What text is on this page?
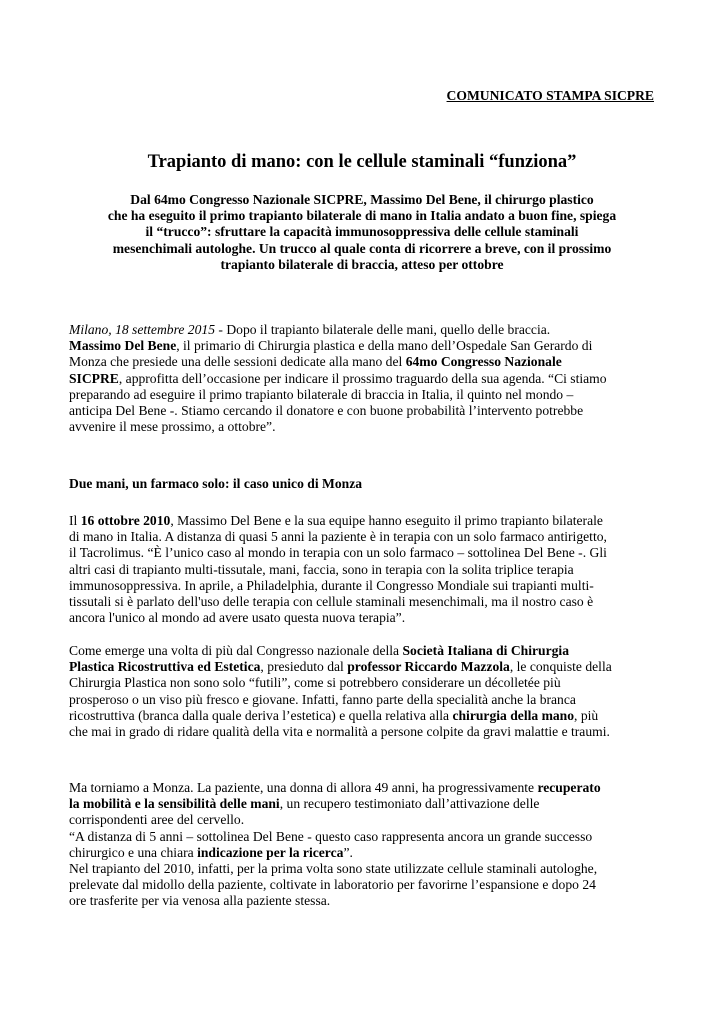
COMUNICATO STAMPA SICPRE
Trapianto di mano: con le cellule staminali “funziona”
Dal 64mo Congresso Nazionale SICPRE, Massimo Del Bene, il chirurgo plastico
che ha eseguito il primo trapianto bilaterale di mano in Italia andato a buon fine, spiega
il “trucco”: sfruttare la capacità immunosoppressiva delle cellule staminali
mesenchimali autologhe. Un trucco al quale conta di ricorrere a breve, con il prossimo
trapianto bilaterale di braccia, atteso per ottobre
Milano, 18 settembre 2015 - Dopo il trapianto bilaterale delle mani, quello delle braccia.
Massimo Del Bene, il primario di Chirurgia plastica e della mano dell’Ospedale San Gerardo di
Monza che presiede una delle sessioni dedicate alla mano del 64mo Congresso Nazionale
SICPRE, approfitta dell’occasione per indicare il prossimo traguardo della sua agenda. “Ci stiamo
preparando ad eseguire il primo trapianto bilaterale di braccia in Italia, il quinto nel mondo –
anticipa Del Bene -. Stiamo cercando il donatore e con buone probabilità l’intervento potrebbe
avvenire il mese prossimo, a ottobre”.
Due mani, un farmaco solo: il caso unico di Monza
Il 16 ottobre 2010, Massimo Del Bene e la sua equipe hanno eseguito il primo trapianto bilaterale
di mano in Italia. A distanza di quasi 5 anni la paziente è in terapia con un solo farmaco antirigetto,
il Tacrolimus. “È l’unico caso al mondo in terapia con un solo farmaco – sottolinea Del Bene -. Gli
altri casi di trapianto multi-tissutale, mani, faccia, sono in terapia con la solita triplice terapia
immunosoppressiva. In aprile, a Philadelphia, durante il Congresso Mondiale sui trapianti multi-
tissutali si è parlato dell'uso delle terapia con cellule staminali mesenchimali, ma il nostro caso è
ancora l'unico al mondo ad avere usato questa nuova terapia”.
Come emerge una volta di più dal Congresso nazionale della Società Italiana di Chirurgia
Plastica Ricostruttiva ed Estetica, presieduto dal professor Riccardo Mazzola, le conquiste della
Chirurgia Plastica non sono solo “futili”, come si potrebbero considerare un décolletée più
prosperoso o un viso più fresco e giovane. Infatti, fanno parte della specialità anche la branca
ricostruttiva (branca dalla quale deriva l’estetica) e quella relativa alla chirurgia della mano, più
che mai in grado di ridare qualità della vita e normalità a persone colpite da gravi malattie e traumi.
Ma torniamo a Monza. La paziente, una donna di allora 49 anni, ha progressivamente recuperato
la mobilità e la sensibilità delle mani, un recupero testimoniato dall’attivazione delle
corrispondenti aree del cervello.
“A distanza di 5 anni – sottolinea Del Bene - questo caso rappresenta ancora un grande successo
chirurgico e una chiara indicazione per la ricerca”.
Nel trapianto del 2010, infatti, per la prima volta sono state utilizzate cellule staminali autologhe,
prelevate dal midollo della paziente, coltivate in laboratorio per favorirne l’espansione e dopo 24
ore trasferite per via venosa alla paziente stessa.
